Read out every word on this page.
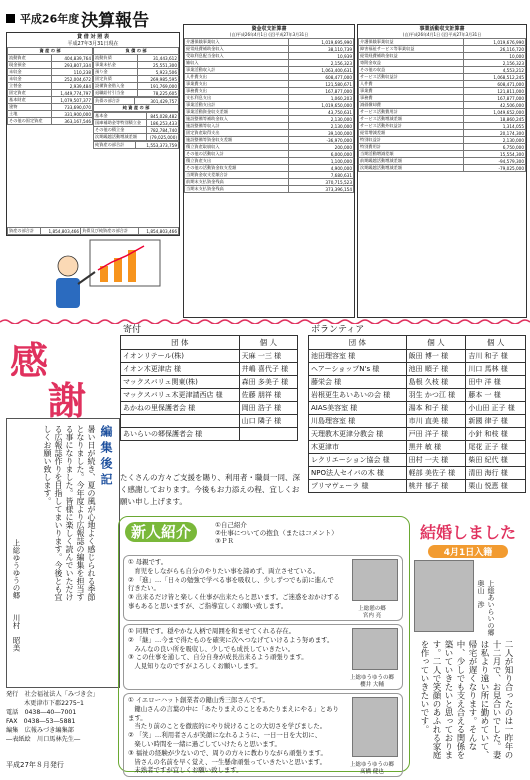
平成26年度 決算報告
貸 借 対 照 表
平成27年3月31日現在
資 産 の 部	
流動資産	404,839,764
現金預金	293,807,334
未収金	110,238
未収金	252,004,672
立替金	2,939,484
固定資産	1,449,774,797
基本財産	1,079,507,377
建物	733,690,070
土地	331,900,000
その他の固定資産	363,167,546
負 債 の 部	
流動負債	31,443,612
事業未払金	25,551,300
預り金	5,923,506
固定負債	269,985,595
設備資金借入金	191,769,000
退職給付引当金	78,225,605
負債の部合計	301,429,757
純 資 産 の 部
基本金	845,028,482
国庫補助金等特別積立金	186,253,433
その他の積立金	782,784,740
次期繰越活動増減差額	(79,025,000)
純資産の部合計	1,553,373,759
資産の部合計	1,854,803,466	負債及び純資産の部合計	1,854,803,466
資金収支計算書
(自)平成26年4月1日 (至)平成27年3月31日
介護保険事業収入	1,019,695,990
経常経費補助金収入	38,110,739
受取利息配当金収入	10,939
雑収入	2,156,323
事業活動収入計	1,063,400,631
人件費支出	608,477,000
事業費支出	121,580,671
事務費支出	167,877,000
支払利息支出	1,060,203
事業活動支出計	1,019,650,000
事業活動資金収支差額	43,750,631
施設整備等補助金収入	2,130,000
施設整備等収入計	2,130,000
固定資産取得支出	39,100,000
施設整備等資金収支差額	-36,970,000
積立資産取崩収入	200,000
その他の活動収入計	6,000,000
積立資産支出	1,100,000
その他の活動資金収支差額	4,900,000
当期資金収支差額合計	7,680,631
前期末支払資金残高	370,715,523
当期末支払資金残高	373,396,154
事業活動収支計算書
(自)平成26年4月1日 (至)平成27年3月31日
介護保険事業収益	1,019,676,990
障害福祉サービス等事業収益	26,116,720
経常経費補助金収益	10,000
寄附金収益	2,156,323
その他の収益	4,553,212
サービス活動収益計	1,068,512,245
人件費	608,471,000
事業費	121,811,000
事務費	167,877,000
減価償却費	42,506,000
サービス活動費用計	1,049,652,000
サービス活動増減差額	18,860,245
サービス活動外収益計	1,314,055
経常増減差額	20,174,300
特別収益計	2,130,000
特別費用計	6,750,000
当期活動増減差額	15,554,300
前期繰越活動増減差額	-94,579,300
次期繰越活動増減差額	-79,025,000
感
謝
寄付
団 体	個 人
イオンリテール(株)	天麻 一三 様
イオン木更津店 様	井嶋 喜代子 様
マックスバリュ関東(株)	森田 多美子 様
マックスバリュ木更津請西店 様	佐藤 朋祥 様
あかねの里保護者会 様	岡田 浩子 様
	山口 隣子 様
あいらいの郷保護者会 様	
ボランティア
団 体	個 人	個 人
池田理容室 様	飯田 博一 様	吉川 和子 様
ヘアーショップN's 様	池田 順子 様	川口 馬林 様
藤栄会 様	島根 久枝 様	田中 洋 様
岩根更生あいあいの会 様	羽生 かつ江 様	藤本 一 様
AIAS美容室 様	湯本 和子 様	小山田 正子 様
川島理容室 様	市川 直美 様	新國 律子 様
天理教木更津分教会 様	戸田 洋子 様	小針 和枝 様
木更津市	黒井 敏 様	尾花 正子 様
レクリエーション協会 様	田村 一夫 様	柴田 紀代 様
NPO法人セイバの木 様	軽部 美佐子 様	清田 海行 様
プリマヴェーラ 様	桃井 郁子 様	栗山 悦恵 様
たくさんの方々ご支援を賜り、利用者・職員一同、深く感謝しております。今後もお力添えの程、宜しくお願い申し上げます。
編集後記
暑い日が続き、夏の風が心地よく感じられる季節となりました。今年度より広報誌の編集を担当する事になりました。皆様に楽しく読んでいただける広報誌作りを目指してまいります。今後とも宜しくお願い致します。
上総ゆうゆうの郷　　川村　昭美
新人紹介	①自己紹介
②仕事についての抱負（またはコメント）
③ＰＲ
① 母親です。
　育児をしながらも自分のやりたい事を諦めず、両立させている。
② 「進」…「日々の勉強で学べる事を吸収し、少しずつでも前に進んで行きたい。
③ 出来るだけ皆と楽しく仕事が出来たらと思います。ご迷惑をおかけする事もあると思いますが、ご指導宜しくお願い致します。	上総憩の郷
宮内 亮
① 同期です。穏やかな人柄で周囲を和ませてくれる存在。
② 「継」…今まで得たものを確実に次へつなげていけるよう努めます。
　みんなの良い所を吸収し、少しでも成長していきたい。
③ この仕事を通して、自分自身が成長出来るよう頑張ります。
　人見知りなのですがよろしくお願いします。
上総ゆうゆうの郷
櫻井 大輔
① イエローハット創業者の鍵山秀三郎さんです。
　鍵山さんの言葉の中に「あたりまえのことをあたりまえにやる」とあります。
　当たり前のことを徹底的にやり続けることの大切さを学びました。
② 「笑」…利用者さんが笑顔になれるように、一日一日を大切に、
　楽しい時間を一緒に過ごしていけたらと思います。
③ 福祉の経験が少ないので、周りの方々に教わりながら頑張ります。
　皆さんの名前を早く覚え、一生懸命頑張っていきたいと思います。
　未熟者ですが宜しくお願い致します。
上総ゆうゆうの郷
髙橋 健也
結婚しました
4月1日入籍
二人が知り合ったのは一昨年の十二月で、お見合いでした。妻は私より遠い所に勤めていて、帰宅が遅くなります。そんな中、少しでも支え合える関係を築いていきたいと思っております。二人で笑顔のあふれる家庭を作っていきたいです。
上総あいらいの郷　奥山　渉
発行　 社会福祉法人「みづき会」
木更津市下郡2275ｰ1
電話　 0438―40―7001
FAX　 0438―53―5881
編集　 広報みづき編集部
―表紙絵　川口馬林先生―
平成27年８月発行
